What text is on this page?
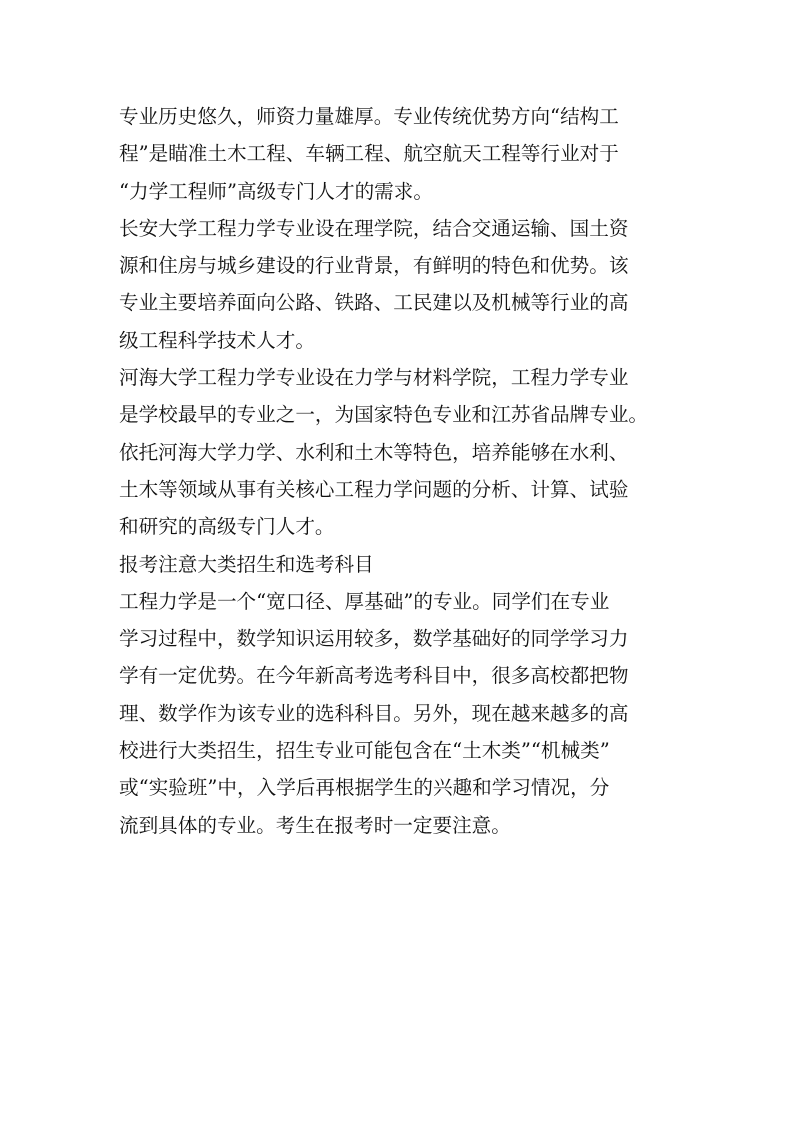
专业历史悠久，师资力量雄厚。专业传统优势方向“结构工
程”是瞄准土木工程、车辆工程、航空航天工程等行业对于
“力学工程师”高级专门人才的需求。
长安大学工程力学专业设在理学院，结合交通运输、国土资
源和住房与城乡建设的行业背景，有鲜明的特色和优势。该
专业主要培养面向公路、铁路、工民建以及机械等行业的高
级工程科学技术人才。
河海大学工程力学专业设在力学与材料学院，工程力学专业
是学校最早的专业之一，为国家特色专业和江苏省品牌专业。
依托河海大学力学、水利和土木等特色，培养能够在水利、
土木等领域从事有关核心工程力学问题的分析、计算、试验
和研究的高级专门人才。
报考注意大类招生和选考科目
工程力学是一个“宽口径、厚基础”的专业。同学们在专业
学习过程中，数学知识运用较多，数学基础好的同学学习力
学有一定优势。在今年新高考选考科目中，很多高校都把物
理、数学作为该专业的选科科目。另外，现在越来越多的高
校进行大类招生，招生专业可能包含在“土木类”“机械类”
或“实验班”中，入学后再根据学生的兴趣和学习情况，分
流到具体的专业。考生在报考时一定要注意。
